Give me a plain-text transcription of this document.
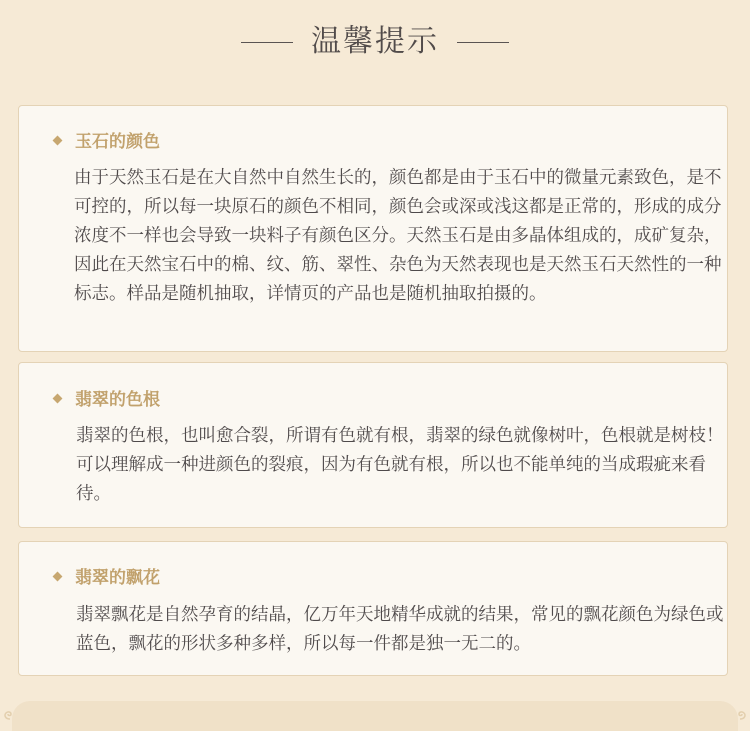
温馨提示
玉石的颜色
由于天然玉石是在大自然中自然生长的，颜色都是由于玉石中的微量元素致色，是不可控的，所以每一块原石的颜色不相同，颜色会或深或浅这都是正常的，形成的成分浓度不一样也会导致一块料子有颜色区分。天然玉石是由多晶体组成的，成矿复杂，因此在天然宝石中的棉、纹、筋、翠性、杂色为天然表现也是天然玉石天然性的一种标志。样品是随机抽取，详情页的产品也是随机抽取拍摄的。
翡翠的色根
翡翠的色根，也叫愈合裂，所谓有色就有根，翡翠的绿色就像树叶，色根就是树枝！可以理解成一种进颜色的裂痕，因为有色就有根，所以也不能单纯的当成瑕疵来看待。
翡翠的飘花
翡翠飘花是自然孕育的结晶，亿万年天地精华成就的结果，常见的飘花颜色为绿色或蓝色，飘花的形状多种多样，所以每一件都是独一无二的。
